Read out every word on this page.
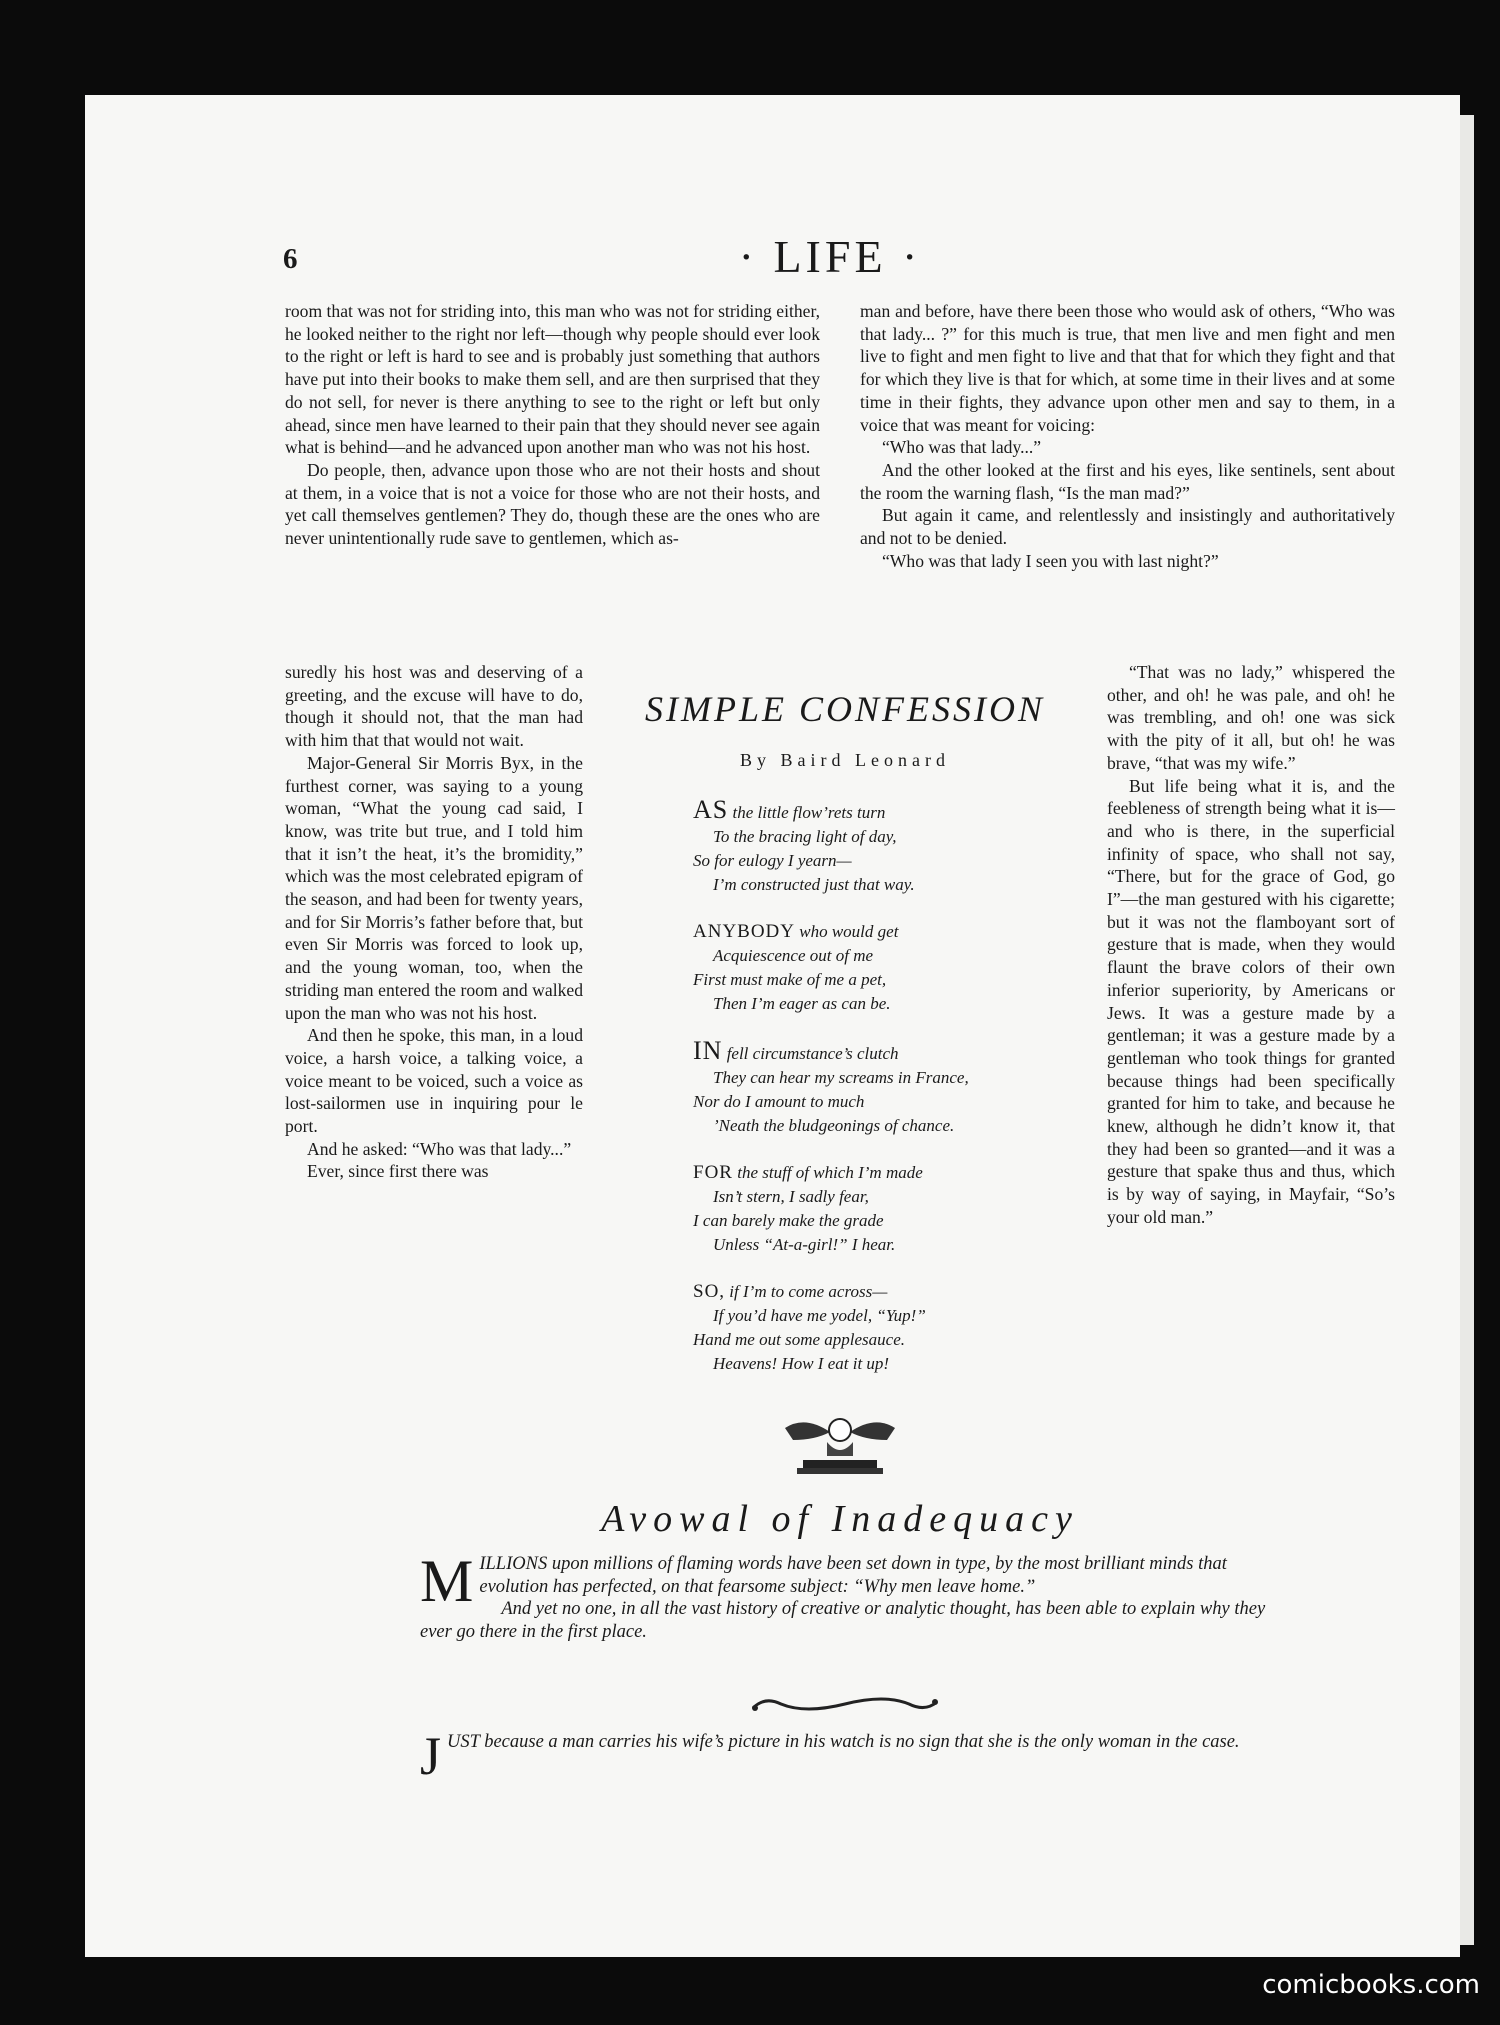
6	· LIFE ·

room that was not for striding into, this man who was not for striding either, he looked neither to the right nor left—though why people should ever look to the right or left is hard to see and is probably just something that authors have put into their books to make them sell, and are then surprised that they do not sell, for never is there anything to see to the right or left but only ahead, since men have learned to their pain that they should never see again what is behind—and he advanced upon another man who was not his host.

Do people, then, advance upon those who are not their hosts and shout at them, in a voice that is not a voice for those who are not their hosts, and yet call themselves gentlemen? They do, though these are the ones who are never unintentionally rude save to gentlemen, which as-

man and before, have there been those who would ask of others, “Who was that lady... ?” for this much is true, that men live and men fight and men live to fight and men fight to live and that that for which they fight and that for which they live is that for which, at some time in their lives and at some time in their fights, they advance upon other men and say to them, in a voice that was meant for voicing:

“Who was that lady...”

And the other looked at the first and his eyes, like sentinels, sent about the room the warning flash, “Is the man mad?”

But again it came, and relentlessly and insistingly and authoritatively and not to be denied.

“Who was that lady I seen you with last night?”

suredly his host was and deserving of a greeting, and the excuse will have to do, though it should not, that the man had with him that that would not wait.

Major-General Sir Morris Byx, in the furthest corner, was saying to a young woman, “What the young cad said, I know, was trite but true, and I told him that it isn’t the heat, it’s the bromidity,” which was the most celebrated epigram of the season, and had been for twenty years, and for Sir Morris’s father before that, but even Sir Morris was forced to look up, and the young woman, too, when the striding man entered the room and walked upon the man who was not his host.

And then he spoke, this man, in a loud voice, a harsh voice, a talking voice, a voice meant to be voiced, such a voice as lost-sailormen use in inquiring pour le port.

And he asked: “Who was that lady...”

Ever, since first there was

“That was no lady,” whispered the other, and oh! he was pale, and oh! he was trembling, and oh! one was sick with the pity of it all, but oh! he was brave, “that was my wife.”

But life being what it is, and the feebleness of strength being what it is—and who is there, in the superficial infinity of space, who shall not say, “There, but for the grace of God, go I”—the man gestured with his cigarette; but it was not the flamboyant sort of gesture that is made, when they would flaunt the brave colors of their own inferior superiority, by Americans or Jews. It was a gesture made by a gentleman; it was a gesture made by a gentleman who took things for granted because things had been specifically granted for him to take, and because he knew, although he didn’t know it, that they had been so granted—and it was a gesture that spake thus and thus, which is by way of saying, in Mayfair, “So’s your old man.”

SIMPLE CONFESSION
By Baird Leonard
AS the little flow’rets turn
To the bracing light of day,
So for eulogy I yearn—
I’m constructed just that way.
ANYBODY who would get
Acquiescence out of me
First must make of me a pet,
Then I’m eager as can be.
IN fell circumstance’s clutch
They can hear my screams in France,
Nor do I amount to much
’Neath the bludgeonings of chance.
FOR the stuff of which I’m made
Isn’t stern, I sadly fear,
I can barely make the grade
Unless “At-a-girl!” I hear.
SO, if I’m to come across—
If you’d have me yodel, “Yup!”
Hand me out some applesauce.
Heavens! How I eat it up!
Avowal of Inadequacy
M ILLIONS upon millions of flaming words have been set down in type, by the most brilliant minds that evolution has perfected, on that fearsome subject: “Why men leave home.”

And yet no one, in all the vast history of creative or analytic thought, has been able to explain why they ever go there in the first place.

J UST because a man carries his wife’s picture in his watch is no sign that she is the only woman in the case.

comicbooks.com
